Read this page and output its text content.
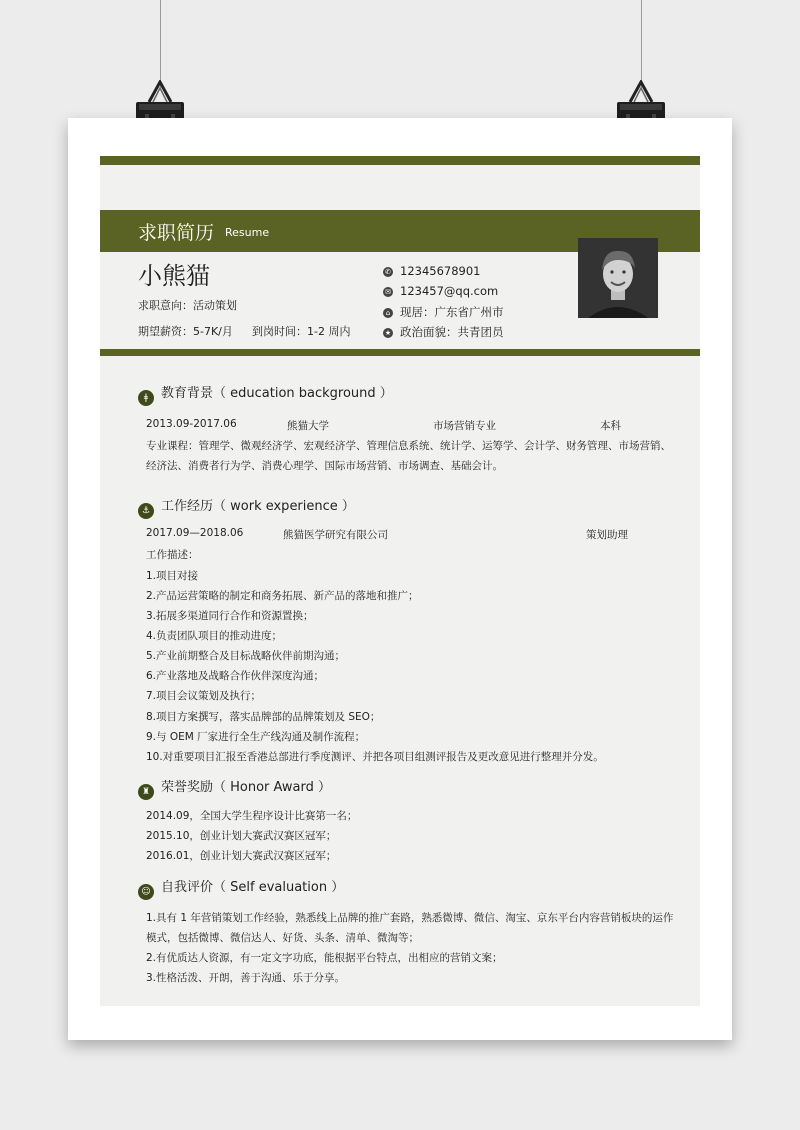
求职简历 Resume
小熊猫
求职意向：活动策划
期望薪资：5-7K/月 到岗时间：1-2 周内
✆ 12345678901
✉ 123457@qq.com
⌂ 现居：广东省广州市
★ 政治面貌：共青团员
ǂ 教育背景（ education background ）
2013.09-2017.06	熊猫大学	市场营销专业	本科
专业课程：管理学、微观经济学、宏观经济学、管理信息系统、统计学、运筹学、会计学、财务管理、市场营销、
经济法、消费者行为学、消费心理学、国际市场营销、市场调查、基础会计。
⚓ 工作经历（ work experience ）
2017.09—2018.06	熊猫医学研究有限公司	策划助理
工作描述：
1.项目对接
2.产品运营策略的制定和商务拓展、新产品的落地和推广；
3.拓展多渠道同行合作和资源置换；
4.负责团队项目的推动进度；
5.产业前期整合及目标战略伙伴前期沟通；
6.产业落地及战略合作伙伴深度沟通；
7.项目会议策划及执行；
8.项目方案撰写，落实品牌部的品牌策划及 SEO；
9.与 OEM 厂家进行全生产线沟通及制作流程；
10.对重要项目汇报至香港总部进行季度测评、并把各项目组测评报告及更改意见进行整理并分发。
♜ 荣誉奖励（ Honor Award ）
2014.09，全国大学生程序设计比赛第一名；
2015.10，创业计划大赛武汉赛区冠军；
2016.01，创业计划大赛武汉赛区冠军；
☺ 自我评价（ Self evaluation ）
1.具有 1 年营销策划工作经验，熟悉线上品牌的推广套路，熟悉微博、微信、淘宝、京东平台内容营销板块的运作
模式，包括微博、微信达人、好货、头条、清单、微淘等；
2.有优质达人资源，有一定文字功底，能根据平台特点，出相应的营销文案；
3.性格活泼、开朗，善于沟通、乐于分享。
